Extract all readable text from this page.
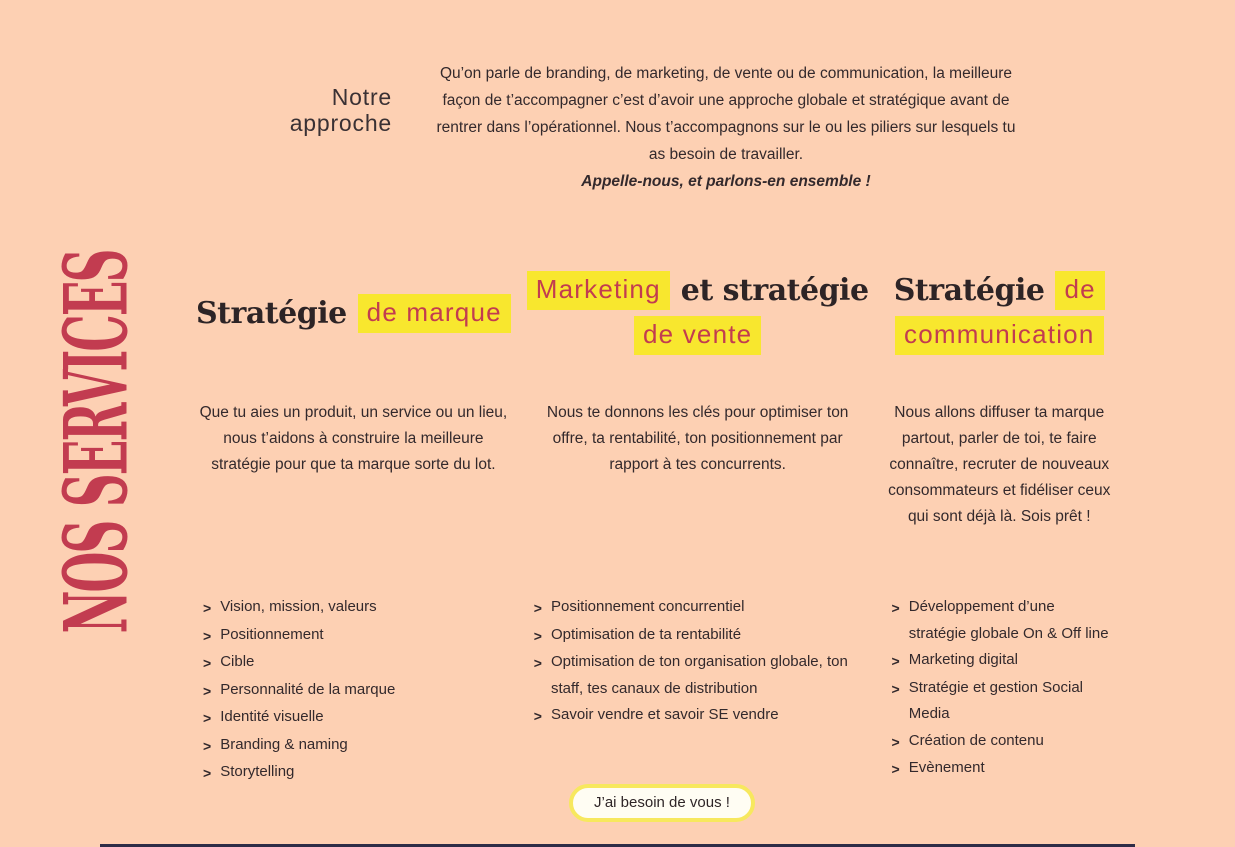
NOS SERVICES
Notre
approche

Qu’on parle de branding, de marketing, de vente ou de communication, la meilleure façon de t’accompagner c’est d’avoir une approche globale et stratégique avant de rentrer dans l’opérationnel. Nous t’accompagnons sur le ou les piliers sur lesquels tu as besoin de travailler.

Appelle-nous, et parlons-en ensemble !

Stratégie de marque
Marketing et stratégie
de vente
Stratégie de
communication

Que tu aies un produit, un service ou un lieu, nous t’aidons à construire la meilleure stratégie pour que ta marque sorte du lot.

Nous te donnons les clés pour optimiser ton offre, ta rentabilité, ton positionnement par rapport à tes concurrents.

Nous allons diffuser ta marque partout, parler de toi, te faire connaître, recruter de nouveaux consommateurs et fidéliser ceux qui sont déjà là. Sois prêt !

> Vision, mission, valeurs
> Positionnement
> Cible
> Personnalité de la marque
> Identité visuelle
> Branding & naming
> Storytelling
> Positionnement concurrentiel
> Optimisation de ta rentabilité
> Optimisation de ton organisation globale, ton staff, tes canaux de distribution
> Savoir vendre et savoir SE vendre
> Développement d’une stratégie globale On & Off line
> Marketing digital
> Stratégie et gestion Social Media
> Création de contenu
> Evènement
J’ai besoin de vous !
